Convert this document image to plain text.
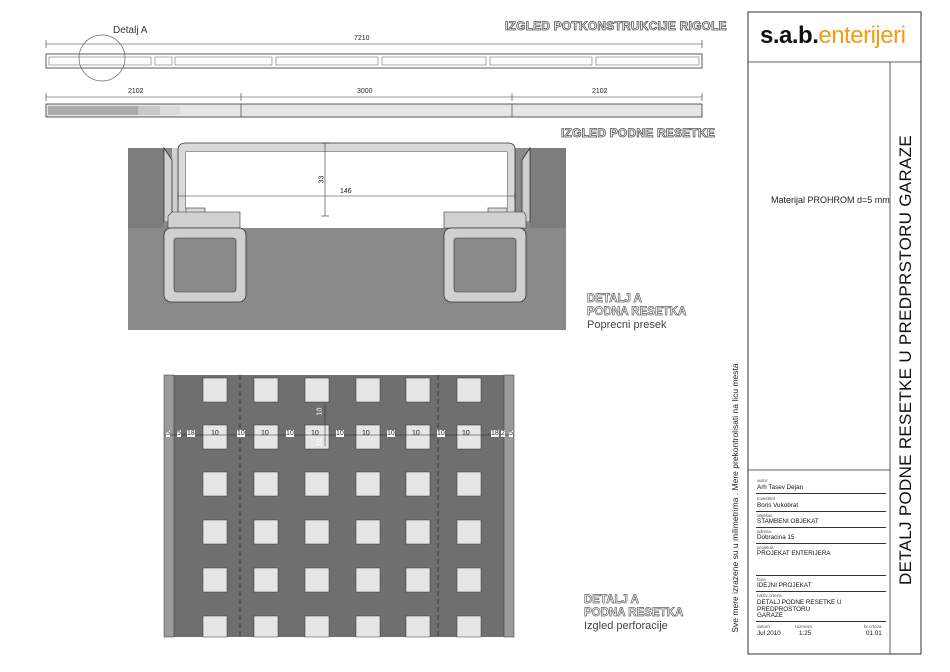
IZGLED POTKONSTRUKCIJE RIGOLE
Detalj A
7210
2102	3000	2102
IZGLED PODNE RESETKE
33
146
DETALJ A
PODNA RESETKA
Poprecni presek
5 5 18 10	10 10 10 10 10	10 10 10 10 10	18 2 5
10
10
DETALJ A
PODNA RESETKA
Izgled perforacije	Sve mere izrazene su u milimetrima . Mere prekontrolisati na licu mesta
s.a.b.enterijeri
Materijal PROHROM d=5 mm DETALJ PODNE RESETKE U PREDPRSTORU GARAZE
autor
Arh Tasev Dejan
investitor
Boris Vukobrat
objekat
STAMBENI OBJEKAT
adresa
Dobracina 15
projekat
PROJEKAT ENTERIJERA
faza
IDEJNI PROJEKAT
naziv crteza
DETALJ PODNE RESETKE U PREDPROSTORU
GARAZE
datum
Jul 2010
razmera
1:25
br.crteza
01.01
